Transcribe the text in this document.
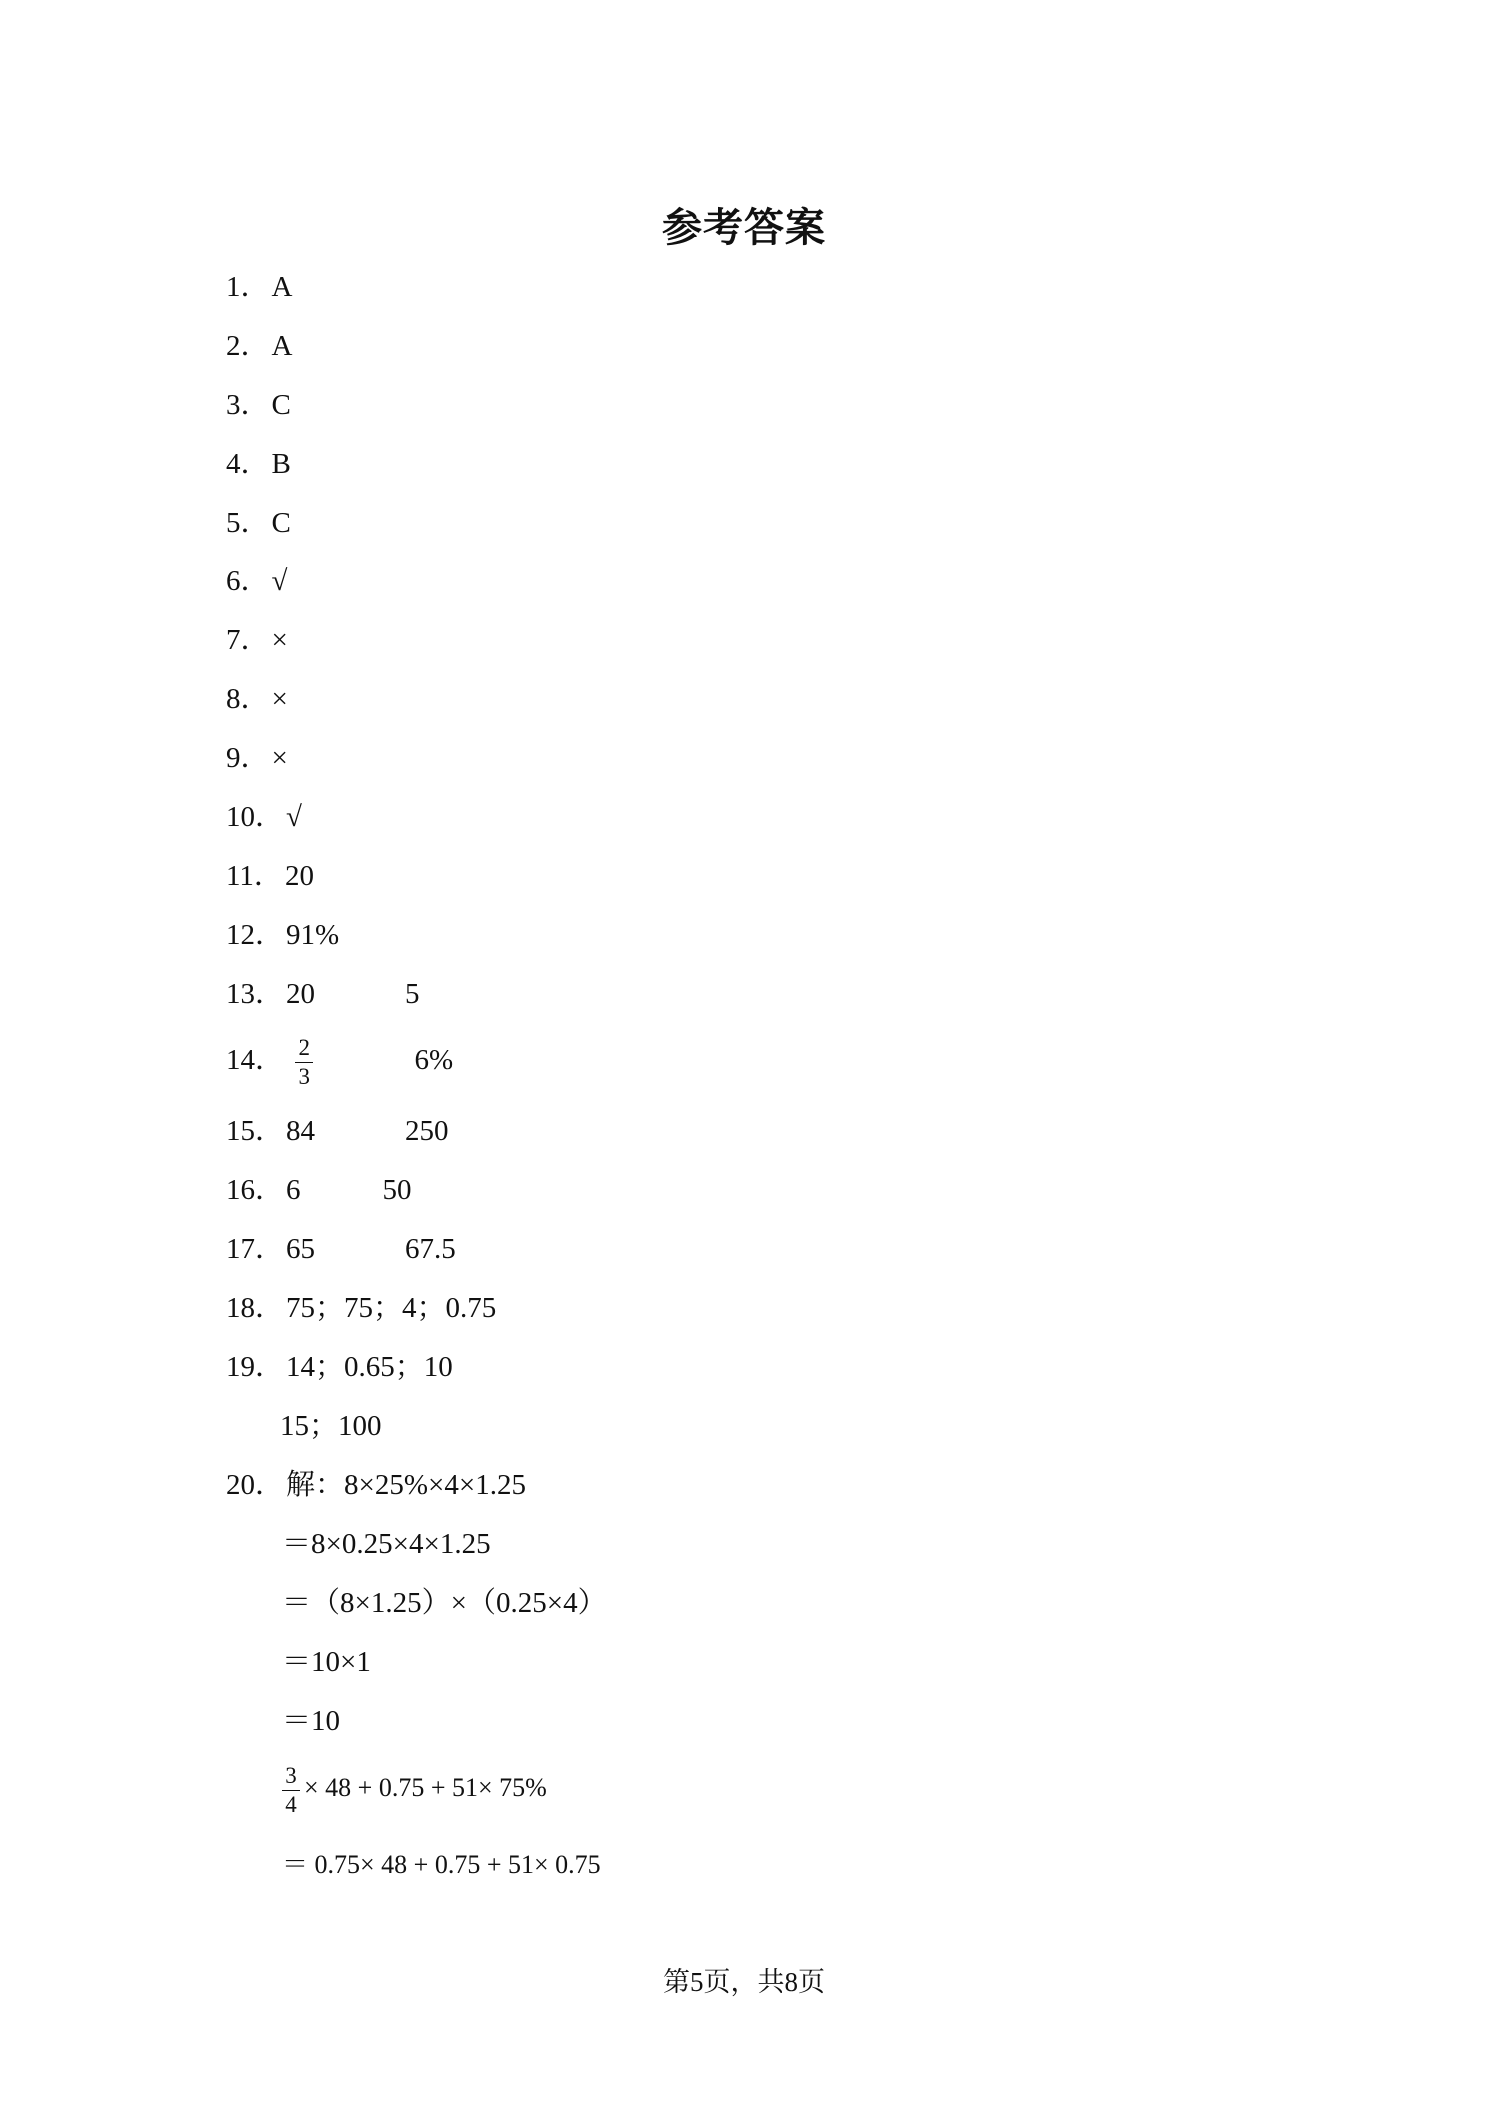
参考答案
1．A
2．A
3．C
4．B
5．C
6．√
7．×
8．×
9．×
10．√
11．20
12．91%
13．20	5
14． $\frac{2}{3}$	6%
15．84	250
16．6	50
17．65	67.5
18．75；75；4；0.75
19．14；0.65；10
15；100
20．解：8×25%×4×1.25
＝8×0.25×4×1.25
＝（8×1.25）×（0.25×4）
＝10×1
＝10
$\frac{3}{4} \times 48 + 0.75 + 51\times 75\%$
＝ 0.75× 48 + 0.75 + 51× 0.75
第5页，共8页
